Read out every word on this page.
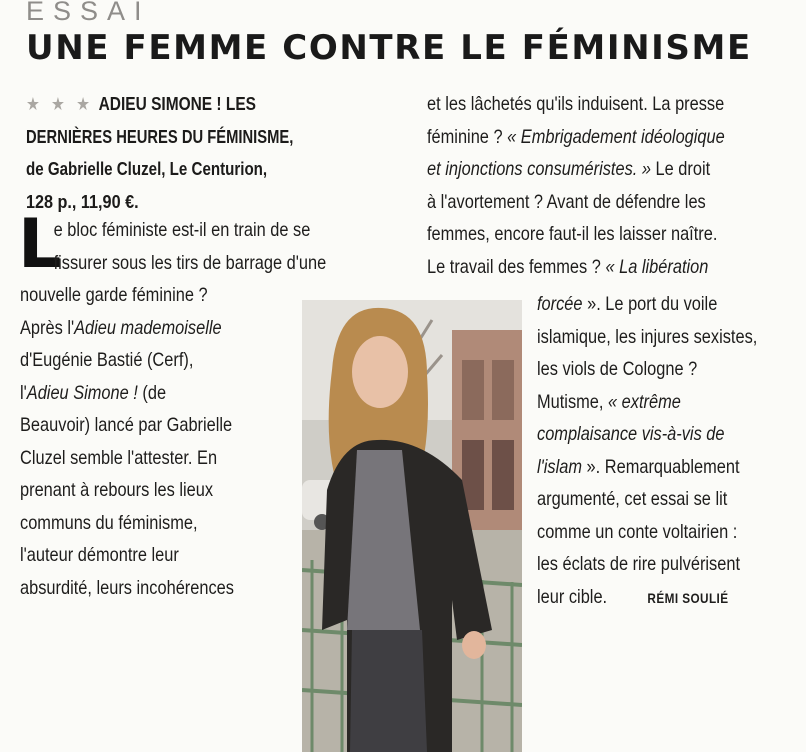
ESSAI
UNE FEMME CONTRE LE FÉMINISME
★ ★ ★ ADIEU SIMONE ! LES
DERNIÈRES HEURES DU FÉMINISME,
de Gabrielle Cluzel, Le Centurion,
128 p., 11,90 €.
L
e bloc féministe est-il en train de se
fissurer sous les tirs de barrage d'une
nouvelle garde féminine ?
Après l'Adieu mademoiselle
d'Eugénie Bastié (Cerf),
l'Adieu Simone ! (de
Beauvoir) lancé par Gabrielle
Cluzel semble l'attester. En
prenant à rebours les lieux
communs du féminisme,
l'auteur démontre leur
absurdité, leurs incohérences
et les lâchetés qu'ils induisent. La presse
féminine ? « Embrigadement idéologique
et injonctions consuméristes. » Le droit
à l'avortement ? Avant de défendre les
femmes, encore faut-il les laisser naître.
Le travail des femmes ? « La libération
forcée ». Le port du voile
islamique, les injures sexistes,
les viols de Cologne ?
Mutisme, « extrême
complaisance vis-à-vis de
l'islam ». Remarquablement
argumenté, cet essai se lit
comme un conte voltairien :
les éclats de rire pulvérisent
leur cible.	RÉMI SOULIÉ
